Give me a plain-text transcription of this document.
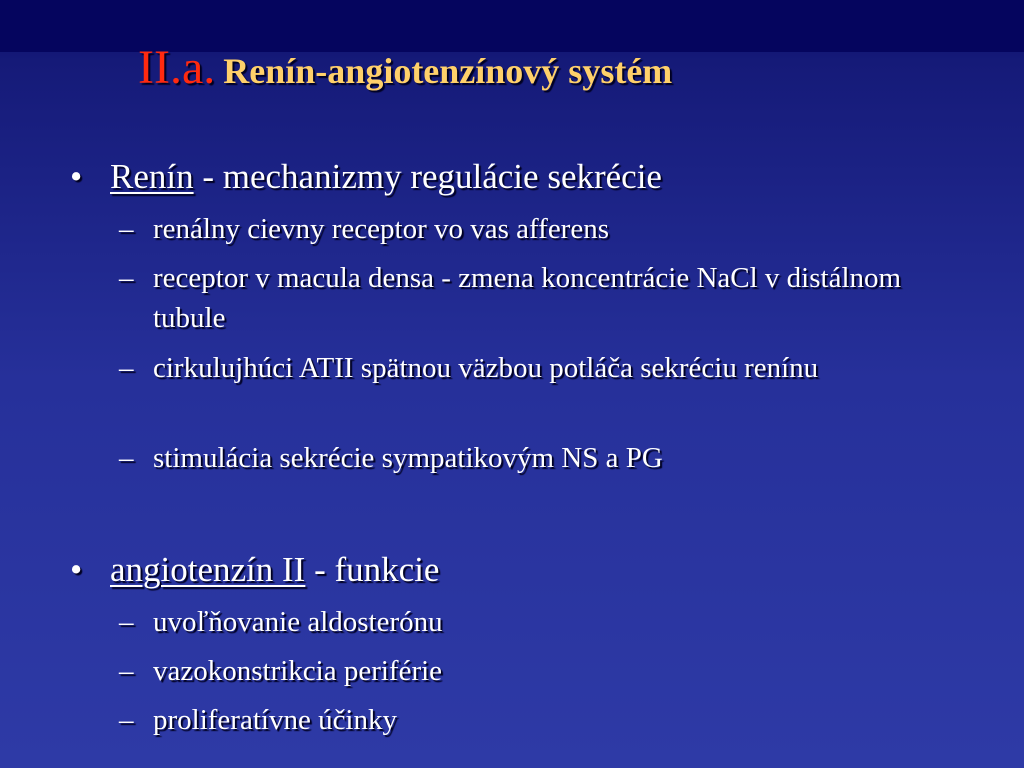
II.a. Renín-angiotenzínový systém
• Renín - mechanizmy regulácie sekrécie
– renálny cievny receptor vo vas afferens
– receptor v macula densa - zmena koncentrácie NaCl v distálnom tubule
– cirkulujhúci ATII spätnou väzbou potláča sekréciu renínu
– stimulácia sekrécie sympatikovým NS a PG
• angiotenzín II - funkcie
– uvoľňovanie aldosterónu
– vazokonstrikcia periférie
– proliferatívne účinky
